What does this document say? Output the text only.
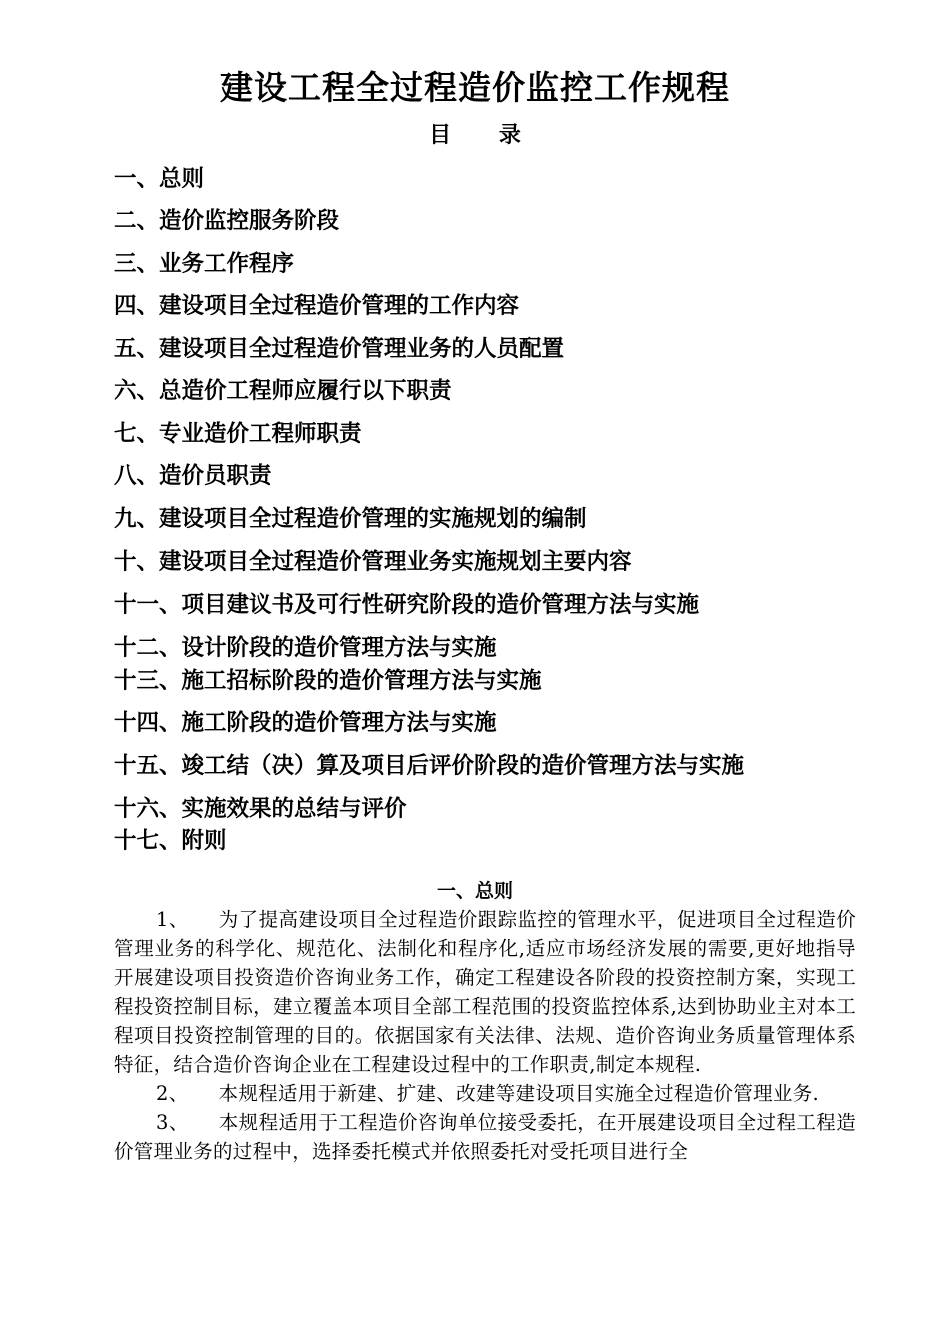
建设工程全过程造价监控工作规程
目 录
一、总则
二、造价监控服务阶段
三、业务工作程序
四、建设项目全过程造价管理的工作内容
五、建设项目全过程造价管理业务的人员配置
六、总造价工程师应履行以下职责
七、专业造价工程师职责
八、造价员职责
九、建设项目全过程造价管理的实施规划的编制
十、建设项目全过程造价管理业务实施规划主要内容
十一、项目建议书及可行性研究阶段的造价管理方法与实施
十二、设计阶段的造价管理方法与实施
十三、施工招标阶段的造价管理方法与实施
十四、施工阶段的造价管理方法与实施
十五、竣工结（决）算及项目后评价阶段的造价管理方法与实施
十六、实施效果的总结与评价
十七、附则
一、总则

1、 为了提高建设项目全过程造价跟踪监控的管理水平，促进项目全过程造价管理业务的科学化、规范化、法制化和程序化,适应市场经济发展的需要,更好地指导开展建设项目投资造价咨询业务工作，确定工程建设各阶段的投资控制方案，实现工程投资控制目标，建立覆盖本项目全部工程范围的投资监控体系,达到协助业主对本工程项目投资控制管理的目的。依据国家有关法律、法规、造价咨询业务质量管理体系特征，结合造价咨询企业在工程建设过程中的工作职责,制定本规程.

2、 本规程适用于新建、扩建、改建等建设项目实施全过程造价管理业务.

3、 本规程适用于工程造价咨询单位接受委托，在开展建设项目全过程工程造价管理业务的过程中，选择委托模式并依照委托对受托项目进行全
